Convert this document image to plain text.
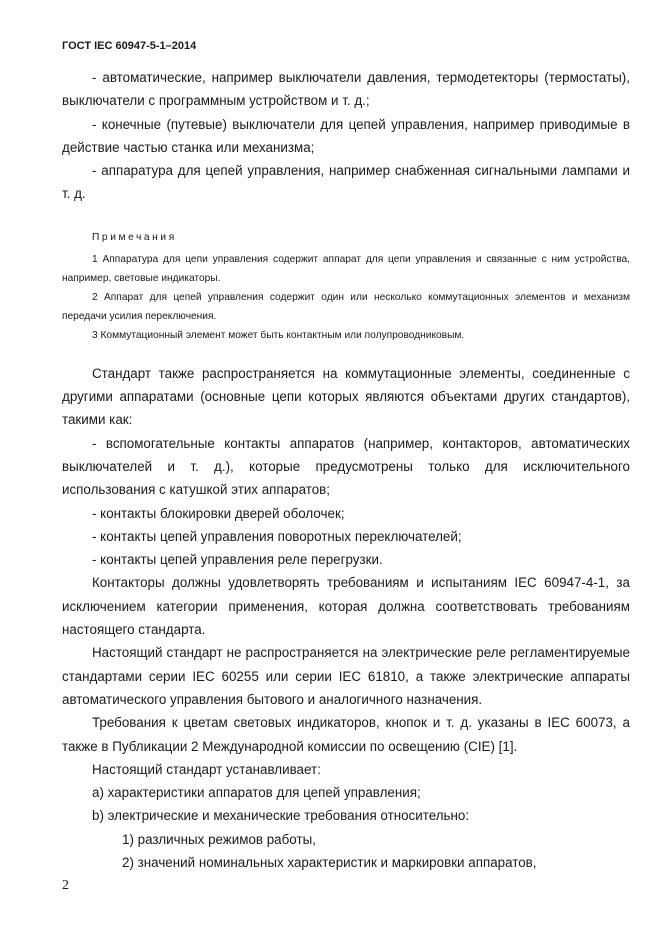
ГОСТ IEC 60947-5-1–2014

- автоматические, например выключатели давления, термодетекторы (термостаты), выключатели с программным устройством и т. д.;

- конечные (путевые) выключатели для цепей управления, например приводимые в действие частью станка или механизма;

- аппаратура для цепей управления, например снабженная сигнальными лампами и т. д.

Примечания

1 Аппаратура для цепи управления содержит аппарат для цепи управления и связанные с ним устройства, например, световые индикаторы.

2 Аппарат для цепей управления содержит один или несколько коммутационных элементов и механизм передачи усилия переключения.

3 Коммутационный элемент может быть контактным или полупроводниковым.

Стандарт также распространяется на коммутационные элементы, соединенные с другими аппаратами (основные цепи которых являются объектами других стандартов), такими как:

- вспомогательные контакты аппаратов (например, контакторов, автоматических выключателей и т. д.), которые предусмотрены только для исключительного использования с катушкой этих аппаратов;

- контакты блокировки дверей оболочек;

- контакты цепей управления поворотных переключателей;

- контакты цепей управления реле перегрузки.

Контакторы должны удовлетворять требованиям и испытаниям IEC 60947-4-1, за исключением категории применения, которая должна соответствовать требованиям настоящего стандарта.

Настоящий стандарт не распространяется на электрические реле регламентируемые стандартами серии IEC 60255 или серии IEC 61810, а также электрические аппараты автоматического управления бытового и аналогичного назначения.

Требования к цветам световых индикаторов, кнопок и т. д. указаны в IEC 60073, а также в Публикации 2 Международной комиссии по освещению (CIE) [1].

Настоящий стандарт устанавливает:

а) характеристики аппаратов для цепей управления;

b) электрические и механические требования относительно:

1) различных режимов работы,

2) значений номинальных характеристик и маркировки аппаратов,

2
